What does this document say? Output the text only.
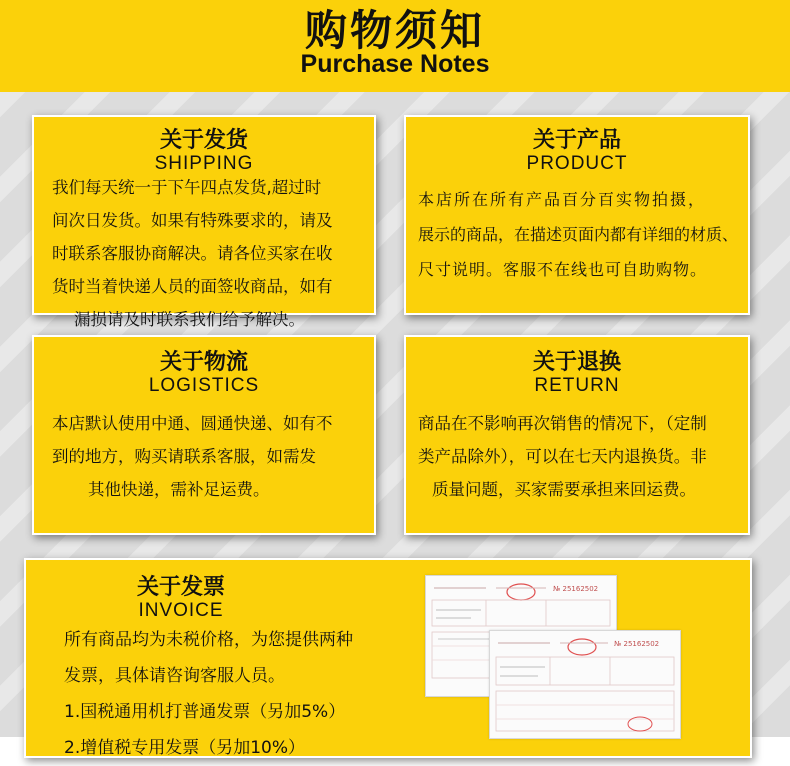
购物须知
Purchase Notes
关于发货
SHIPPING
我们每天统一于下午四点发货,超过时
间次日发货。如果有特殊要求的，请及
时联系客服协商解决。请各位买家在收
货时当着快递人员的面签收商品，如有
漏损请及时联系我们给予解决。
关于产品
PRODUCT
本店所在所有产品百分百实物拍摄，
展示的商品，在描述页面内都有详细的材质、
尺寸说明。客服不在线也可自助购物。
关于物流
LOGISTICS
本店默认使用中通、圆通快递、如有不
到的地方，购买请联系客服，如需发
其他快递，需补足运费。
关于退换
RETURN
商品在不影响再次销售的情况下，（定制
类产品除外），可以在七天内退换货。非
质量问题，买家需要承担来回运费。
关于发票
INVOICE
所有商品均为未税价格，为您提供两种
发票，具体请咨询客服人员。
1.国税通用机打普通发票（另加5%）
2.增值税专用发票（另加10%）
№ 25162502
№ 25162502
